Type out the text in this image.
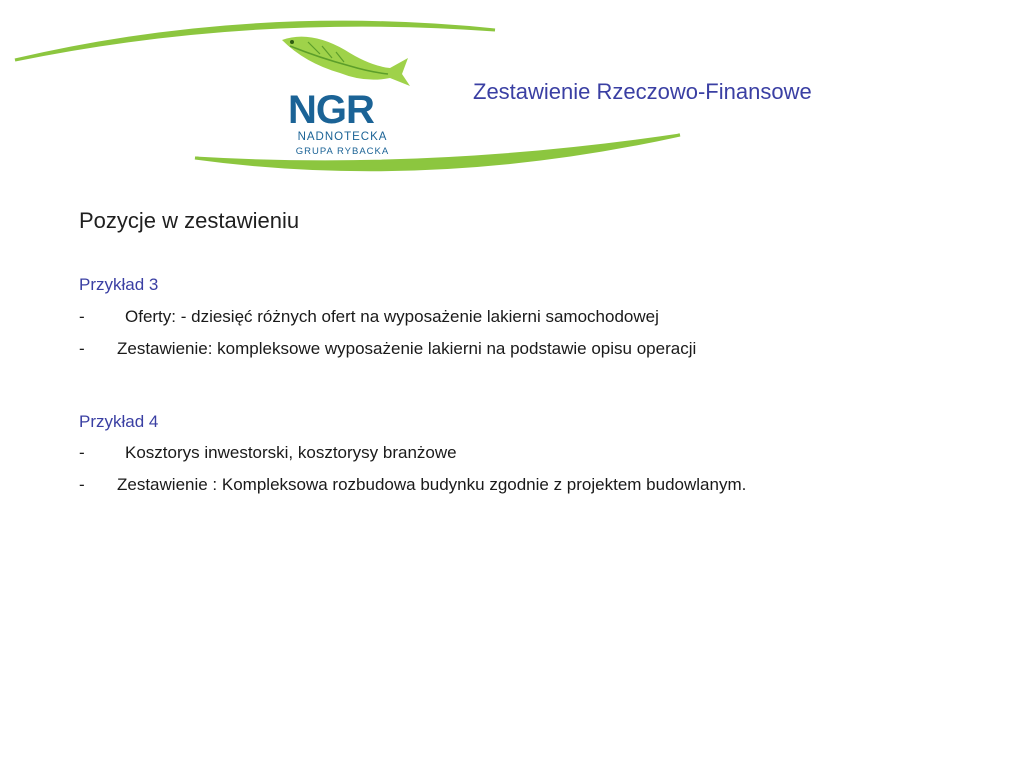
NGR
NADNOTECKA
GRUPA RYBACKA
Zestawienie Rzeczowo-Finansowe
Pozycje w zestawieniu
Przykład 3
- Oferty: - dziesięć różnych ofert na wyposażenie lakierni samochodowej
- Zestawienie: kompleksowe wyposażenie lakierni na podstawie opisu operacji
Przykład 4
- Kosztorys inwestorski, kosztorysy branżowe
- Zestawienie : Kompleksowa rozbudowa budynku zgodnie z projektem budowlanym.
